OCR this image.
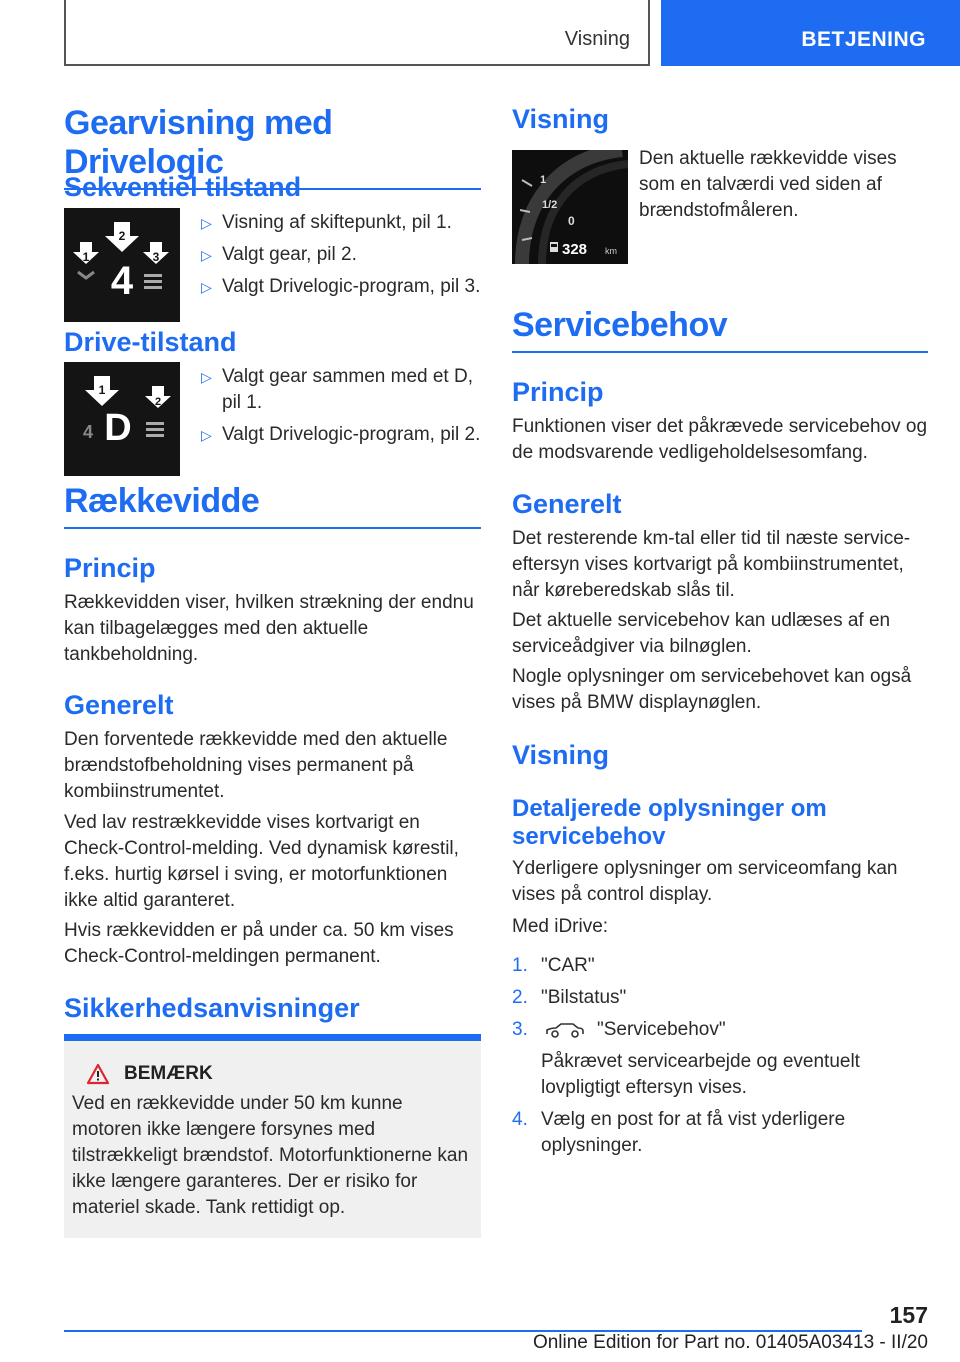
Visning	BETJENING
Gearvisning med Drivelogic
Sekventiel tilstand
1
2
3
4
▷ Visning af skiftepunkt, pil 1.
▷ Valgt gear, pil 2.
▷ Valgt Drivelogic-program, pil 3.
Drive-tilstand
1
2
4 D
▷ Valgt gear sammen med et D, pil 1.
▷ Valgt Drivelogic-program, pil 2.
Rækkevidde
Princip
Rækkevidden viser, hvilken strækning der endnu kan tilbagelægges med den aktuelle tankbeholdning.
Generelt
Den forventede rækkevidde med den aktuelle brændstofbeholdning vises permanent på kombiinstrumentet.
Ved lav restrækkevidde vises kortvarigt en Check-Control-melding. Ved dynamisk kørestil, f.eks. hurtig kørsel i sving, er motorfunktionen ikke altid garanteret.
Hvis rækkevidden er på under ca. 50 km vises Check-Control-meldingen permanent.
Sikkerhedsanvisninger
BEMÆRK
Ved en rækkevidde under 50 km kunne motoren ikke længere forsynes med tilstrækkeligt brændstof. Motorfunktionerne kan ikke længere garanteres. Der er risiko for materiel skade. Tank rettidigt op.
Visning
1
1/2
0
328 km
Den aktuelle rækkevidde vises som en talværdi ved siden af brændstofmåleren.
Servicebehov
Princip
Funktionen viser det påkrævede servicebehov og de modsvarende vedligeholdelsesomfang.
Generelt
Det resterende km-tal eller tid til næste service-eftersyn vises kortvarigt på kombiinstrumentet, når køreberedskab slås til.
Det aktuelle servicebehov kan udlæses af en serviceådgiver via bilnøglen.
Nogle oplysninger om servicebehovet kan også vises på BMW displaynøglen.
Visning
Detaljerede oplysninger om servicebehov
Yderligere oplysninger om serviceomfang kan vises på control display.
Med iDrive:
1. "CAR"
2. "Bilstatus"
3.	"Servicebehov"
Påkrævet servicearbejde og eventuelt lovpligtigt eftersyn vises.
4. Vælg en post for at få vist yderligere oplysninger.
157
Online Edition for Part no. 01405A03413 - II/20
